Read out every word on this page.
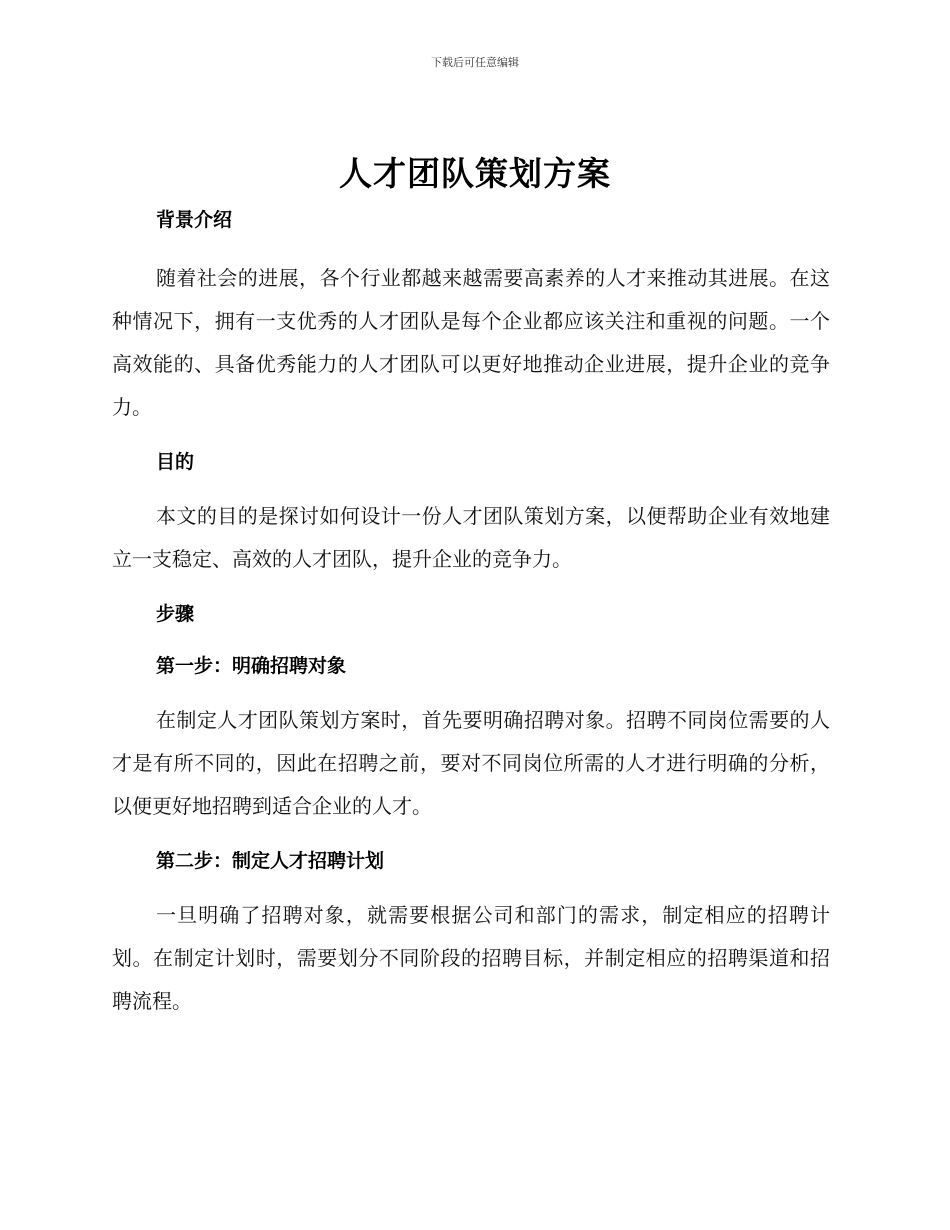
下载后可任意编辑
人才团队策划方案
背景介绍

随着社会的进展，各个行业都越来越需要高素养的人才来推动其进展。在这种情况下，拥有一支优秀的人才团队是每个企业都应该关注和重视的问题。一个高效能的、具备优秀能力的人才团队可以更好地推动企业进展，提升企业的竞争力。

目的

本文的目的是探讨如何设计一份人才团队策划方案，以便帮助企业有效地建立一支稳定、高效的人才团队，提升企业的竞争力。

步骤
第一步：明确招聘对象

在制定人才团队策划方案时，首先要明确招聘对象。招聘不同岗位需要的人才是有所不同的，因此在招聘之前，要对不同岗位所需的人才进行明确的分析，以便更好地招聘到适合企业的人才。

第二步：制定人才招聘计划

一旦明确了招聘对象，就需要根据公司和部门的需求，制定相应的招聘计划。在制定计划时，需要划分不同阶段的招聘目标，并制定相应的招聘渠道和招聘流程。
